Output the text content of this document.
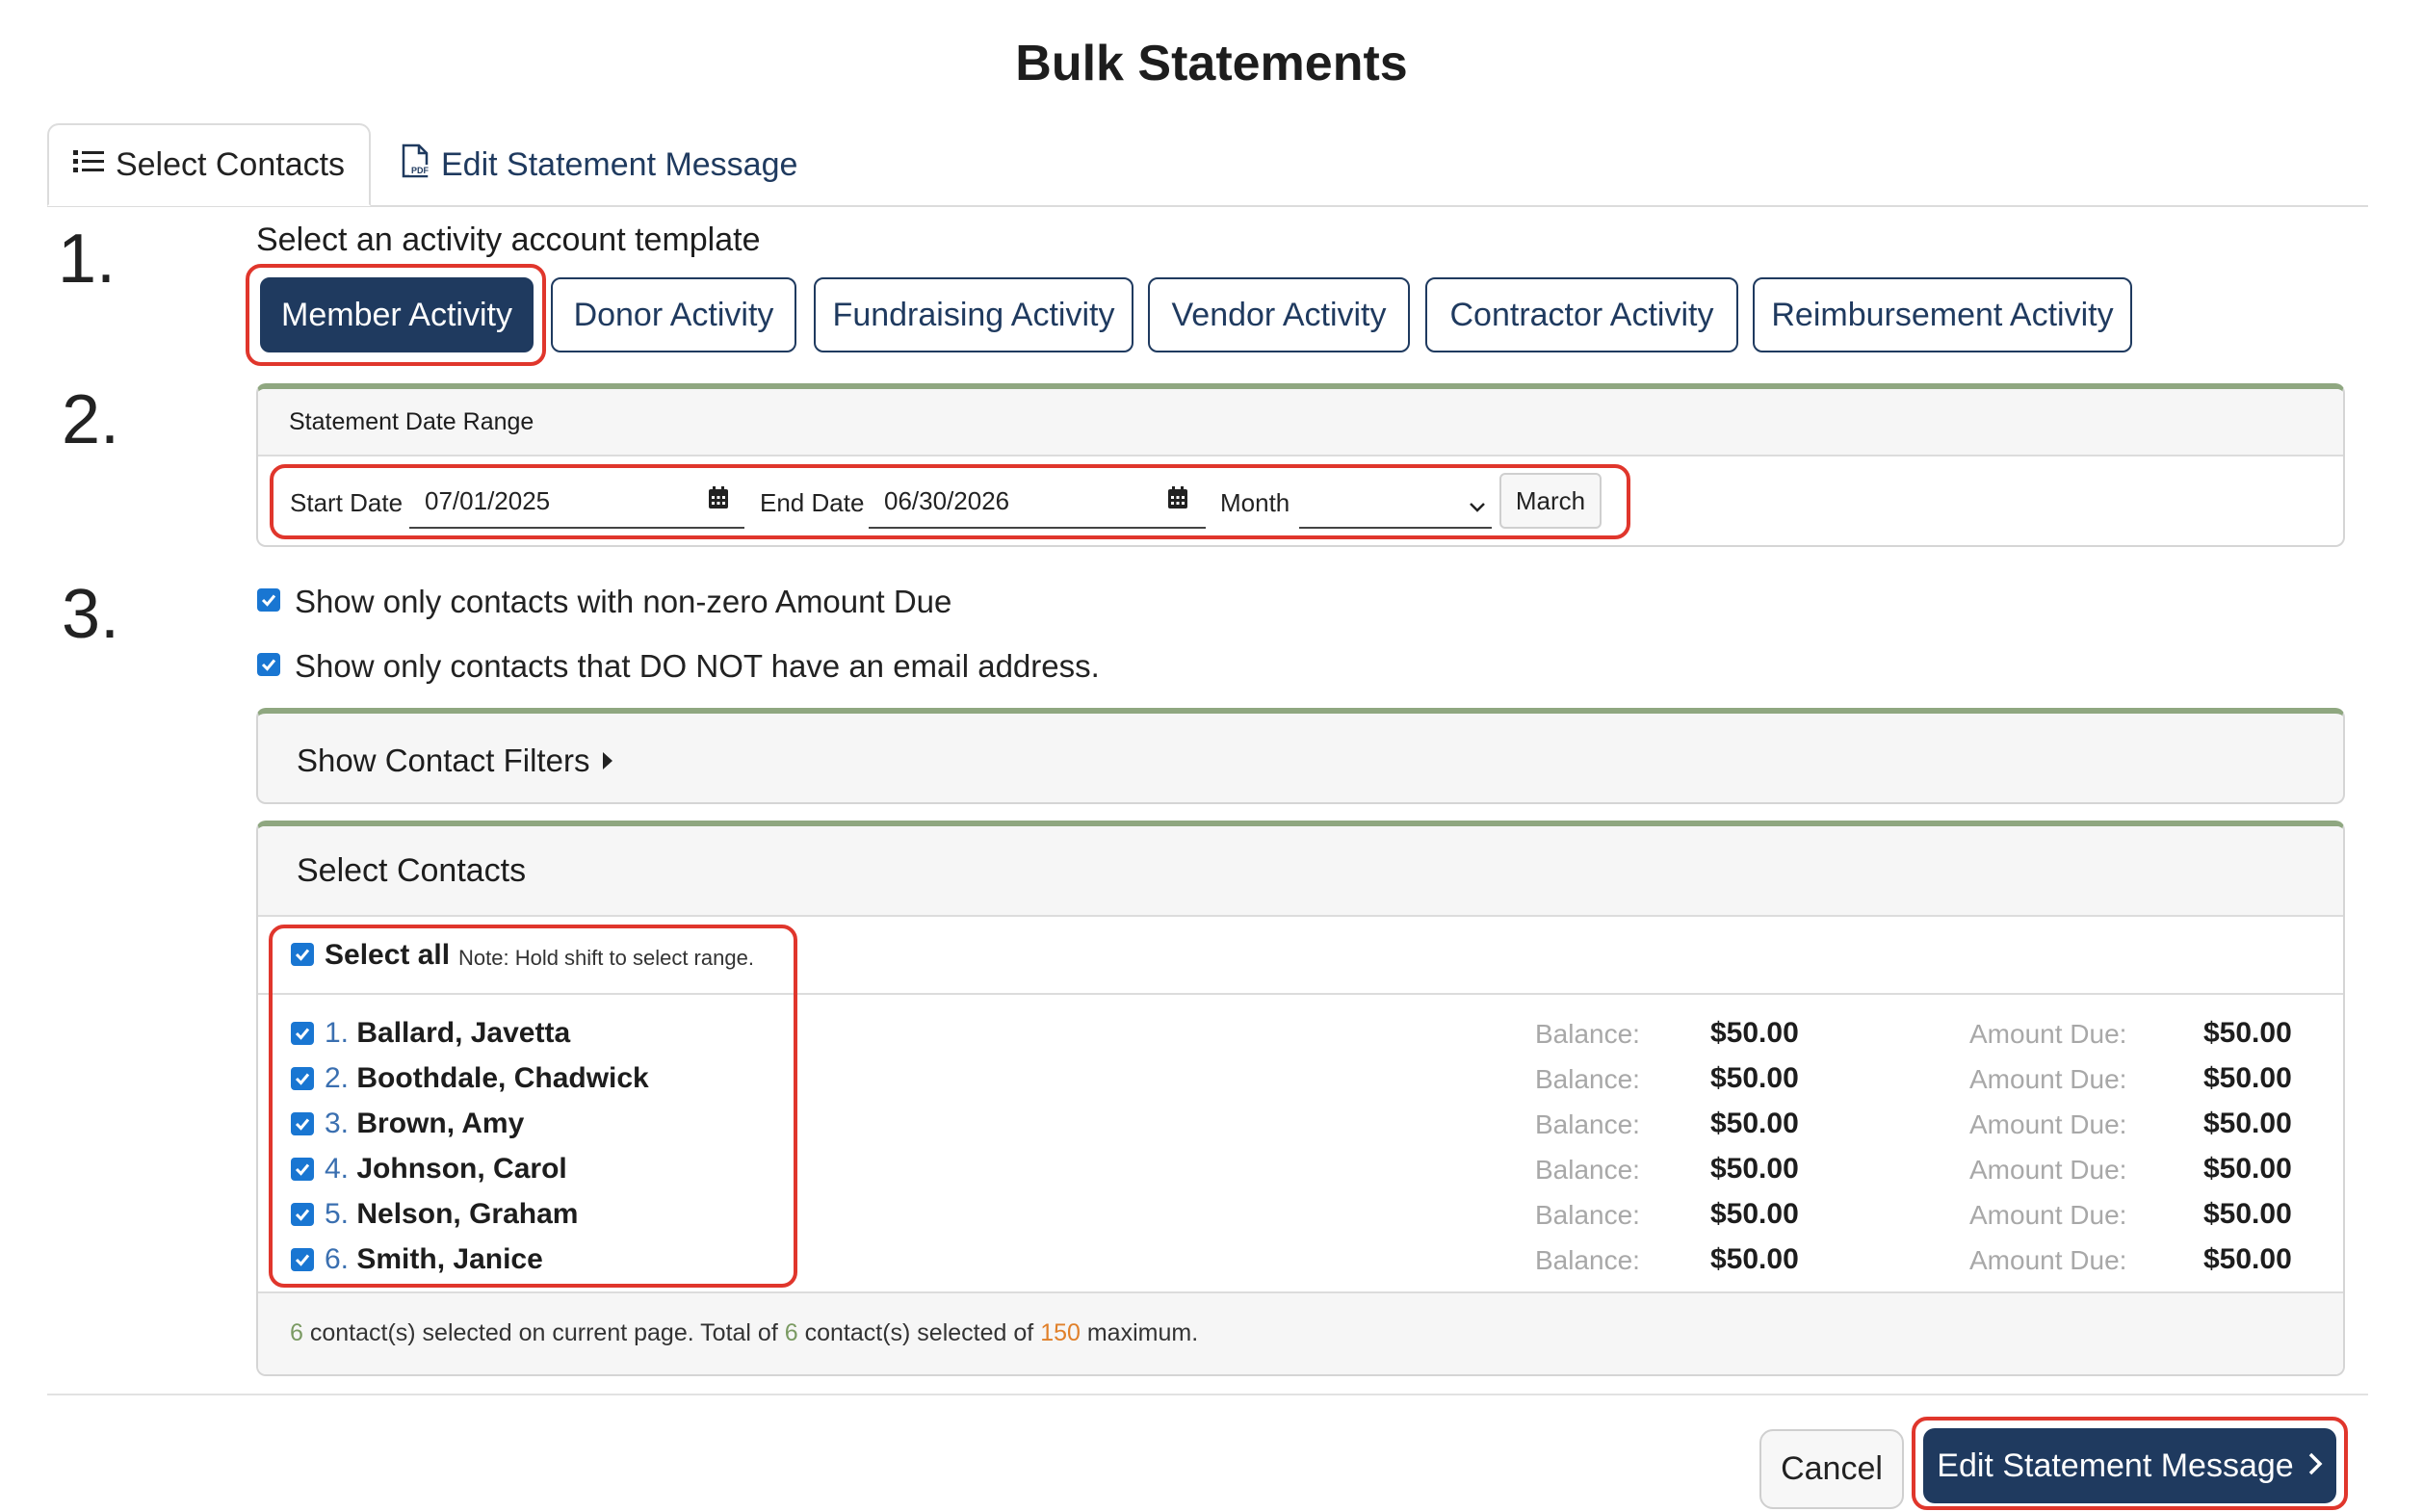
Bulk Statements
Select Contacts	PDF Edit Statement Message
1.
2.
3.
Select an activity account template
Member Activity	Donor Activity	Fundraising Activity	Vendor Activity	Contractor Activity	Reimbursement Activity
Statement Date Range
Start Date 07/01/2025	End Date 06/30/2026	Month	March
Show only contacts with non-zero Amount Due
Show only contacts that DO NOT have an email address.
Show Contact Filters
Select Contacts
Select all Note: Hold shift to select range.
1. Ballard, Javetta	Balance: $50.00	Amount Due:	$50.00
2. Boothdale, Chadwick	Balance: $50.00	Amount Due:	$50.00
3. Brown, Amy	Balance: $50.00	Amount Due:	$50.00
4. Johnson, Carol	Balance: $50.00	Amount Due:	$50.00
5. Nelson, Graham	Balance: $50.00	Amount Due:	$50.00
6. Smith, Janice	Balance: $50.00	Amount Due:	$50.00
6 contact(s) selected on current page. Total of 6 contact(s) selected of 150 maximum.
Cancel	Edit Statement Message
